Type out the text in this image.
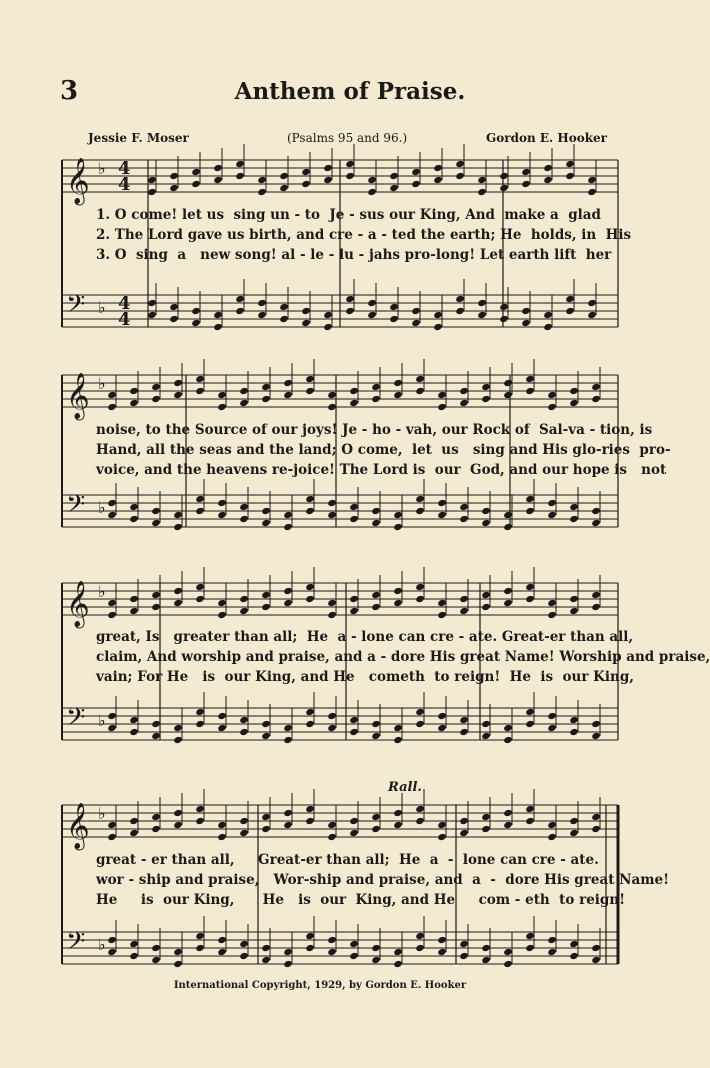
3	Anthem of Praise.
Jessie F. Moser	(Psalms 95 and 96.)	Gordon E. Hooker
𝄞
𝄢
♭
♭
𝄞
𝄢
♭
♭
𝄞
𝄢
♭
♭
𝄞
𝄢
♭
♭
4
4
4
4
1. O come! let us  sing un - to  Je - sus our King, And  make a  glad
2. The Lord gave us birth, and cre - a - ted the earth; He  holds, in  His
3. O  sing  a   new song! al - le - lu - jahs pro-long! Let earth lift  her
noise, to the Source of our joys! Je - ho - vah, our Rock of  Sal-va - tion, is
Hand, all the seas and the land; O come,  let  us   sing and His glo-ries  pro-
voice, and the heavens re-joice! The Lord is  our  God, and our hope is   not
great, Is   greater than all;  He  a - lone can cre - ate. Great-er than all,
claim, And worship and praise, and a - dore His great Name! Worship and praise,
vain; For He   is  our King, and He   cometh  to reign!  He  is  our King,
great - er than all,     Great-er than all;  He  a  -  lone can cre - ate.
wor - ship and praise,   Wor-ship and praise, and  a  -  dore His great Name!
He     is  our King,      He   is  our  King, and He     com - eth  to reign!
Rall.
International Copyright, 1929, by Gordon E. Hooker
